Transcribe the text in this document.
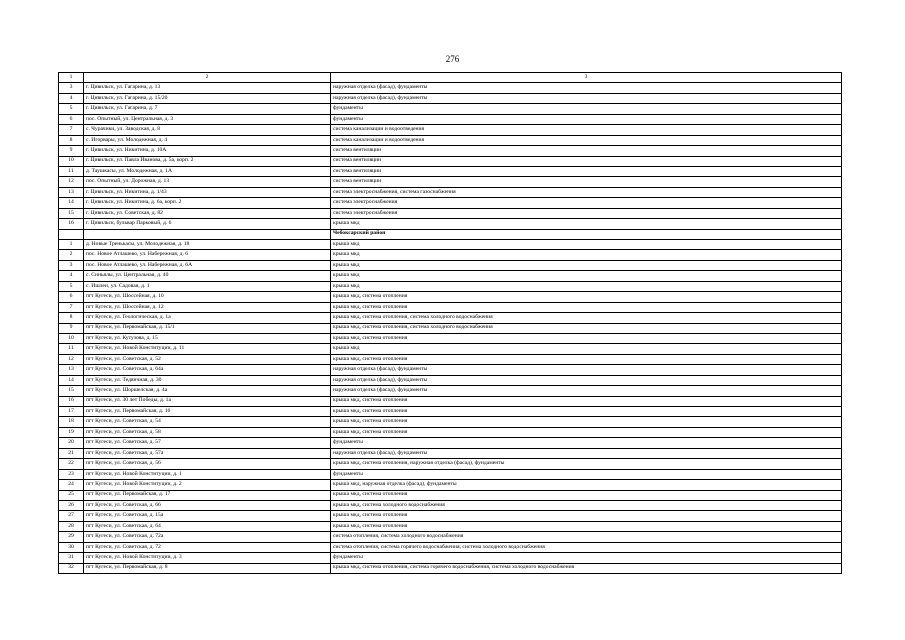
276
1	2	3
3	г. Цивильск, ул. Гагарина, д. 13	наружная отделка (фасад), фундаменты
4	г. Цивильск, ул. Гагарина, д. 15/20	наружная отделка (фасад), фундаменты
5	г. Цивильск, ул. Гагарина, д. 7	фундаменты
6	пос. Опытный, ул. Центральная, д. 3	фундаменты
7	с. Чурачики, ул. Заводская, д. 8	система канализации и водоотведения
8	с. Игорвары, ул. Молодежная, д. 4	система канализации и водоотведения
9	г. Цивильск, ул. Никитина, д. 10А	система вентиляции
10	г. Цивильск, ул. Павла Иванова, д. 5а, корп. 2	система вентиляции
11	д. Таушкасы, ул. Молодежная, д. 1А	система вентиляции
12	пос. Опытный, ул. Дорожная, д. 13	система вентиляции
13	г. Цивильск, ул. Никитина, д. 1/43	система электроснабжения, система газоснабжения
14	г. Цивильск, ул. Никитина, д. 6а, корп. 2	система электроснабжения
15	г. Цивильск, ул. Советская, д. 82	система электроснабжения
16	г. Цивильск, бульвар Парковый, д. 6	крыша мкд
		Чебоксарский район
1	д. Новые Тренькасы, ул. Молодежная, д. 18	крыша мкд
2	пос. Новое Атлашево, ул. Набережная, д. 6	крыша мкд
3	пос. Новое Атлашево, ул. Набережная, д. 6А	крыша мкд
4	с. Синьялы, ул. Центральная, д. 40	крыша мкд
5	с. Ишлеи, ул. Садовая, д. 1	крыша мкд
6	пгт Кугеси, ул. Шоссейная, д. 10	крыша мкд, система отопления
7	пгт Кугеси, ул. Шоссейная, д. 12	крыша мкд, система отопления
8	пгт Кугеси, ул. Геологическая, д. 1а	крыша мкд, система отопления, система холодного водоснабжения
9	пгт Кугеси, ул. Первомайская, д. 15/1	крыша мкд, система отопления, система холодного водоснабжения
10	пгт Кугеси, ул. Кутузова, д. 15	крыша мкд, система отопления
11	пгт Кугеси, ул. Новой Конституции, д. 11	крыша мкд
12	пгт Кугеси, ул. Советская, д. 52	крыша мкд, система отопления
13	пгт Кугеси, ул. Советская, д. 64а	наружная отделка (фасад), фундаменты
14	пгт Кугеси, ул. Тедянчная, д. 30	наружная отделка (фасад), фундаменты
15	пгт Кугеси, ул. Шоршелская, д. 4а	наружная отделка (фасад), фундаменты
16	пгт Кугеси, ул. 30 лет Победы, д. 1а	крыша мкд, система отопления
17	пгт Кугеси, ул. Первомайская, д. 16	крыша мкд, система отопления
18	пгт Кугеси, ул. Советская, д. 54	крыша мкд, система отопления
19	пгт Кугеси, ул. Советская, д. 58	крыша мкд, система отопления
20	пгт Кугеси, ул. Советская, д. 57	фундаменты
21	пгт Кугеси, ул. Советская, д. 57а	наружная отделка (фасад), фундаменты
22	пгт Кугеси, ул. Советская, д. 56	крыша мкд, система отопления, наружная отделка (фасад), фундаменты
23	пгт Кугеси, ул. Новой Конституции, д. 1	фундаменты
24	пгт Кугеси, ул. Новой Конституции, д. 2	крыша мкд, наружная отделка (фасад), фундаменты
25	пгт Кугеси, ул. Первомайская, д. 17	крыша мкд, система отопления
26	пгт Кугеси, ул. Советская, д. 66	крыша мкд, система холодного водоснабжения
27	пгт Кугеси, ул. Советская, д. 15а	крыша мкд, система отопления
28	пгт Кугеси, ул. Советская, д. 64	крыша мкд, система отопления
29	пгт Кугеси, ул. Советская, д. 72а	система отопления, система холодного водоснабжения
30	пгт Кугеси, ул. Советская, д. 72	система отопления, система горячего водоснабжения, система холодного водоснабжения
31	пгт Кугеси, ул. Новой Конституции, д. 3	фундаменты
32	пгт Кугеси, ул. Первомайская, д. 8	крыша мкд, система отопления, система горячего водоснабжения, система холодного водоснабжения
